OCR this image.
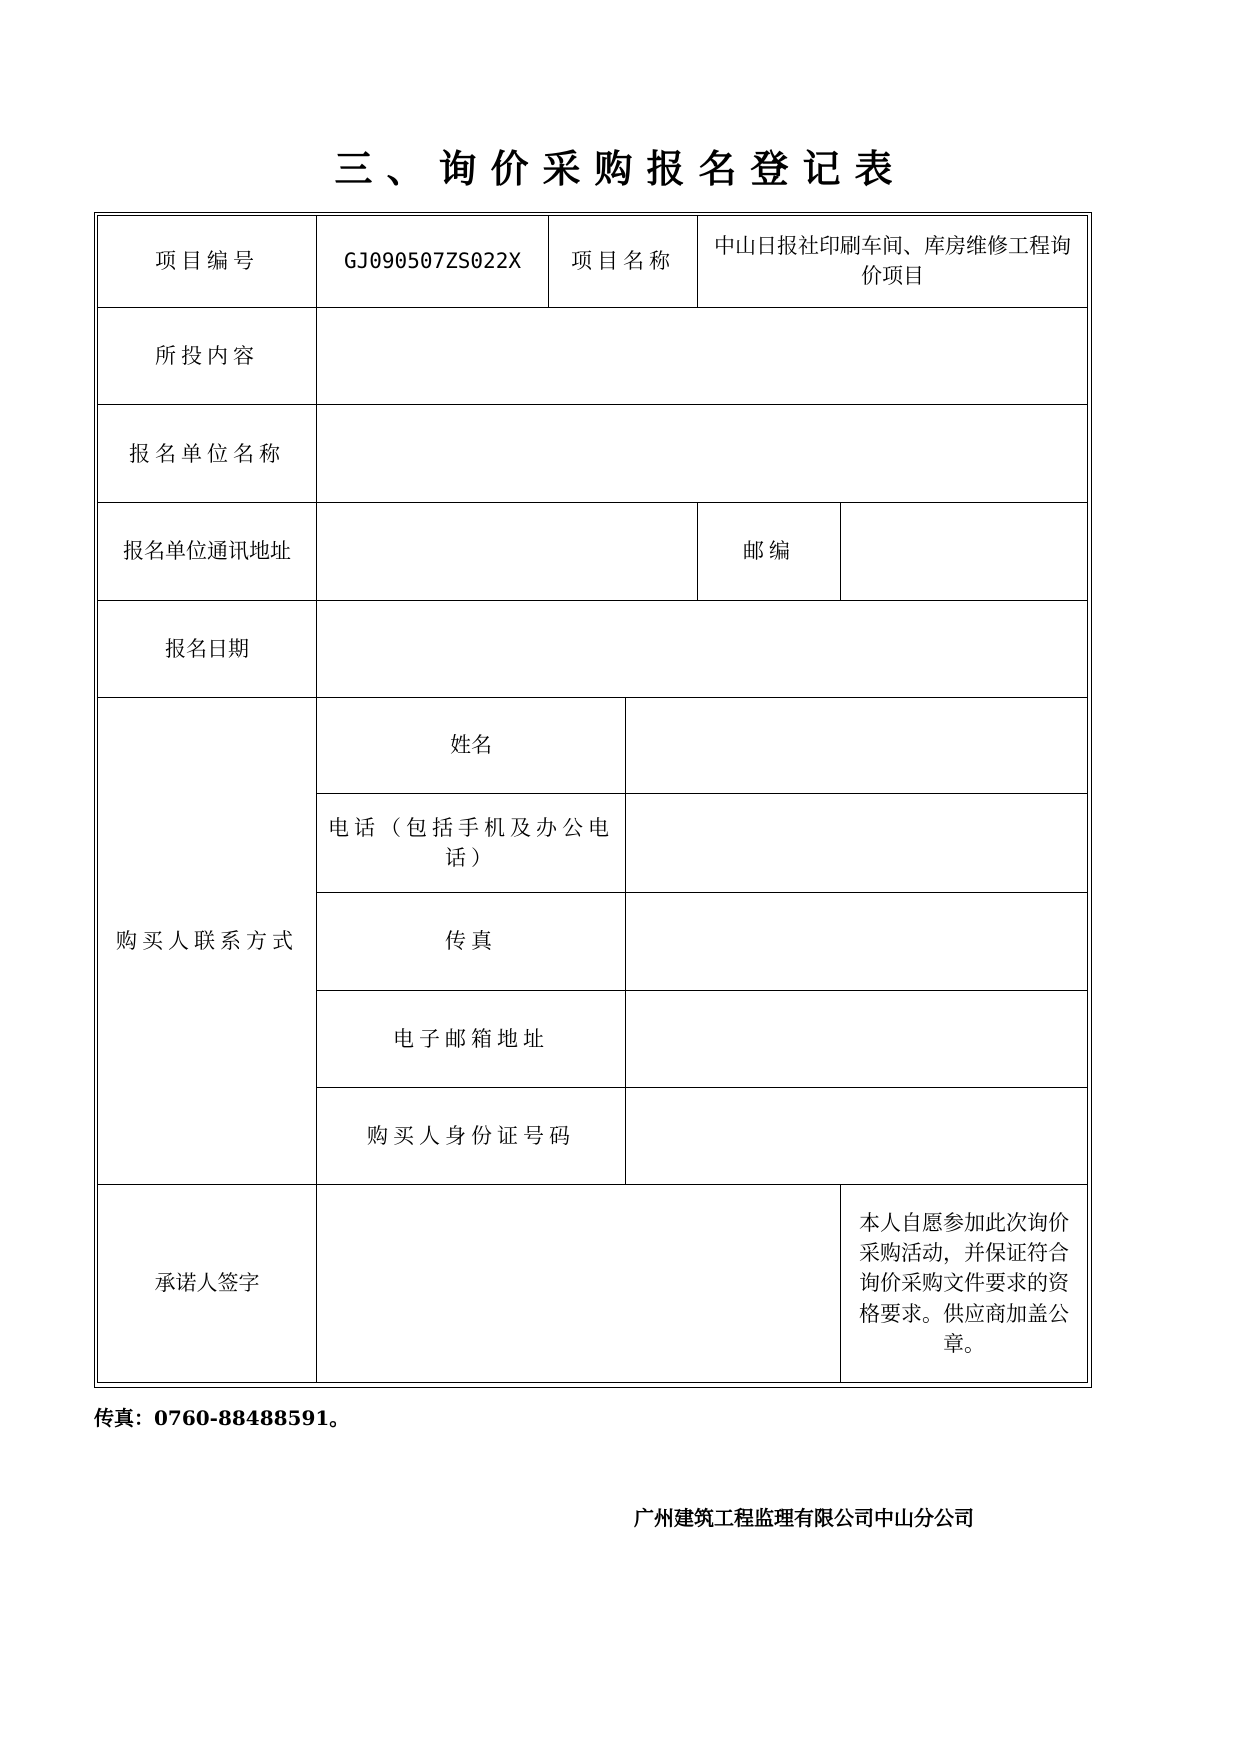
三、询价采购报名登记表
项目编号	GJ090507ZS022X	项目名称		中山日报社印刷车间、库房维修工程询价项目	
所投内容					
报名单位名称					
报名单位通讯地址				邮编	
报名日期					
购买人联系方式	姓名				
	电话（包括手机及办公电话）				
	传真				
	电子邮箱地址				
	购买人身份证号码				
承诺人签字					本人自愿参加此次询价采购活动，并保证符合询价采购文件要求的资格要求。供应商加盖公章。

传真：0760-88488591。

广州建筑工程监理有限公司中山分公司
